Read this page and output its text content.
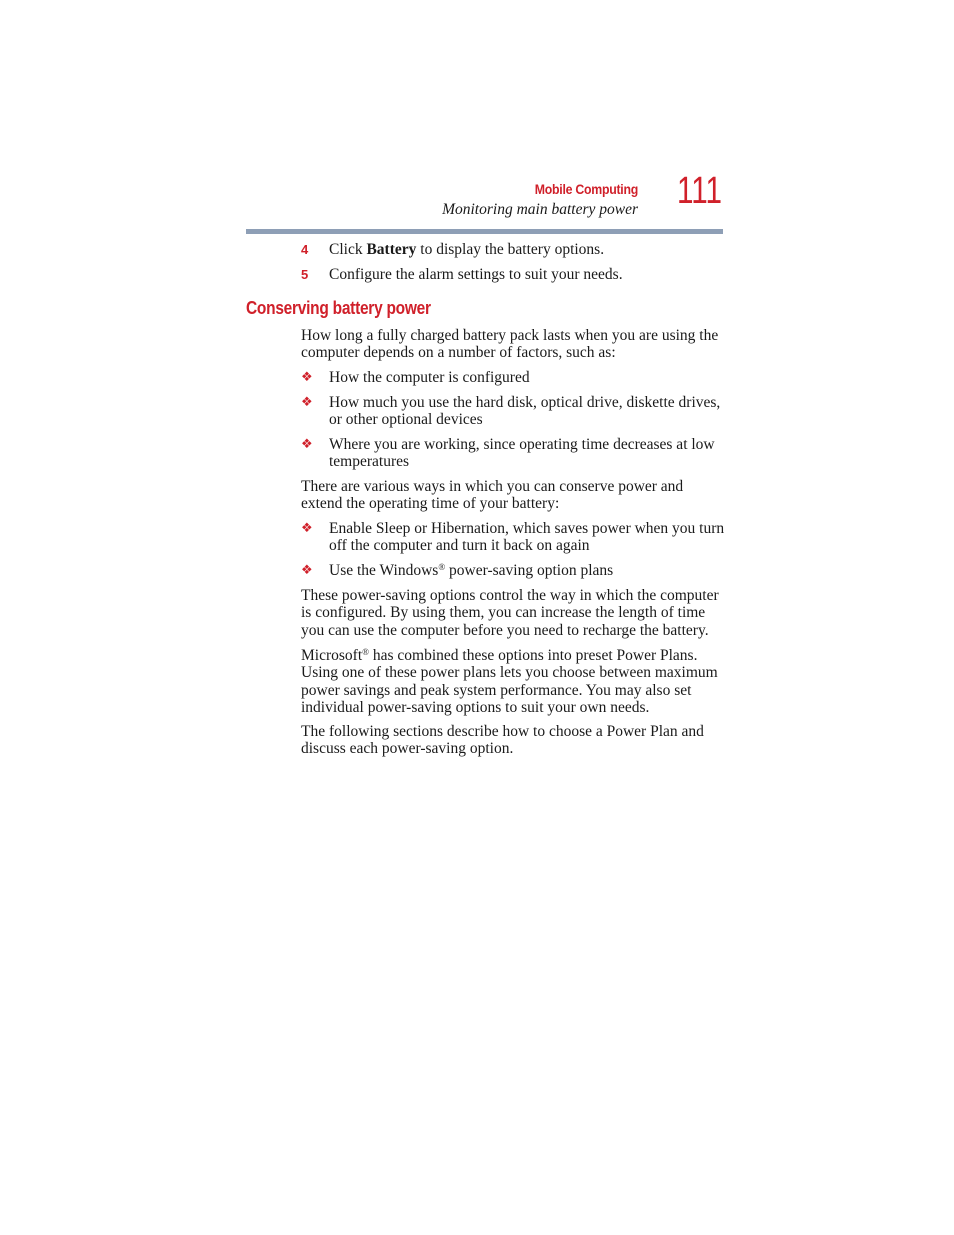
Mobile Computing
Monitoring main battery power 111
4 Click Battery to display the battery options.
5 Configure the alarm settings to suit your needs.
Conserving battery power
How long a fully charged battery pack lasts when you are using the computer depends on a number of factors, such as:
❖ How the computer is configured
❖ How much you use the hard disk, optical drive, diskette drives, or other optional devices
❖ Where you are working, since operating time decreases at low temperatures
There are various ways in which you can conserve power and extend the operating time of your battery:
❖ Enable Sleep or Hibernation, which saves power when you turn off the computer and turn it back on again
❖ Use the Windows® power-saving option plans
These power-saving options control the way in which the computer is configured. By using them, you can increase the length of time you can use the computer before you need to recharge the battery.
Microsoft® has combined these options into preset Power Plans. Using one of these power plans lets you choose between maximum power savings and peak system performance. You may also set individual power-saving options to suit your own needs.
The following sections describe how to choose a Power Plan and discuss each power-saving option.
